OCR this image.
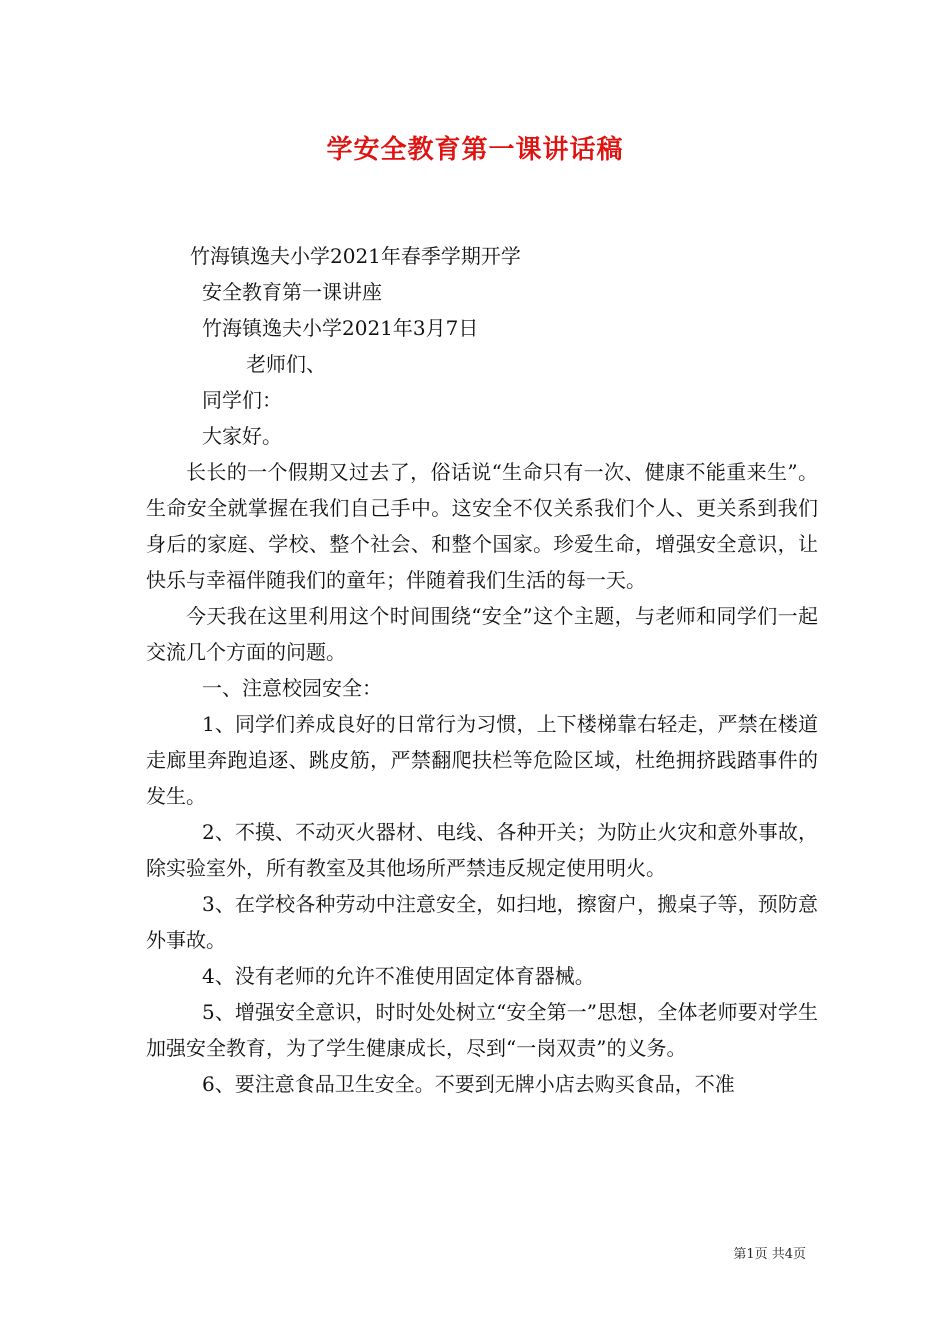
学安全教育第一课讲话稿
竹海镇逸夫小学2021年春季学期开学
安全教育第一课讲座
竹海镇逸夫小学2021年3月7日
老师们、
同学们：
大家好。

长长的一个假期又过去了，俗话说“生命只有一次、健康不能重来生”。生命安全就掌握在我们自己手中。这安全不仅关系我们个人、更关系到我们身后的家庭、学校、整个社会、和整个国家。珍爱生命，增强安全意识，让快乐与幸福伴随我们的童年；伴随着我们生活的每一天。

今天我在这里利用这个时间围绕“安全”这个主题，与老师和同学们一起交流几个方面的问题。

一、注意校园安全：

1、同学们养成良好的日常行为习惯，上下楼梯靠右轻走，严禁在楼道走廊里奔跑追逐、跳皮筋，严禁翻爬扶栏等危险区域，杜绝拥挤践踏事件的发生。

2、不摸、不动灭火器材、电线、各种开关；为防止火灾和意外事故，除实验室外，所有教室及其他场所严禁违反规定使用明火。

3、在学校各种劳动中注意安全，如扫地，擦窗户，搬桌子等，预防意外事故。

4、没有老师的允许不准使用固定体育器械。

5、增强安全意识，时时处处树立“安全第一”思想，全体老师要对学生加强安全教育，为了学生健康成长，尽到“一岗双责”的义务。

6、要注意食品卫生安全。不要到无牌小店去购买食品，不准

第1页 共4页
